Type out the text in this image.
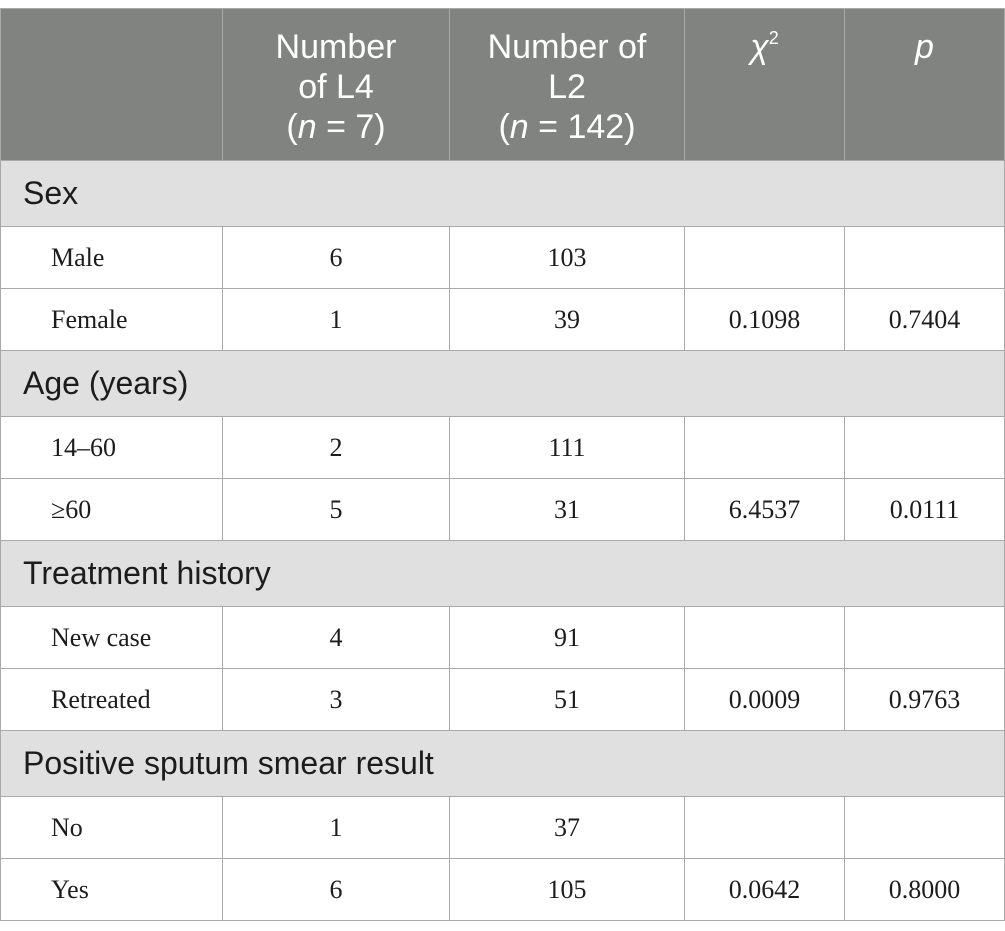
	Number
of L4
(n = 7)	Number of
L2
(n = 142)	$\chi^2$	p
Sex				
Male	6	103		
Female	1	39	0.1098	0.7404
Age (years)				
14–60	2	111		
≥60	5	31	6.4537	0.0111
Treatment history				
New case	4	91		
Retreated	3	51	0.0009	0.9763
Positive sputum smear result				
No	1	37		
Yes	6	105	0.0642	0.8000
